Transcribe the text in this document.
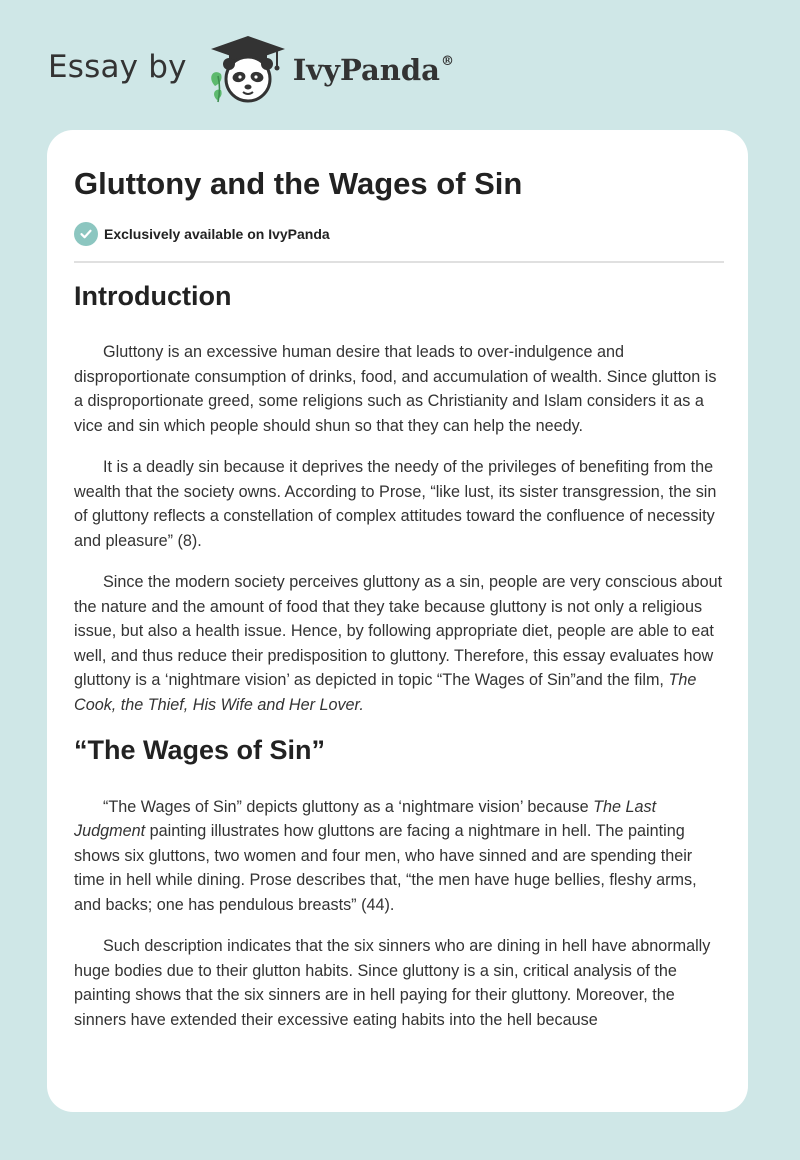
Essay by	IvyPanda®
Gluttony and the Wages of Sin
Exclusively available on IvyPanda
Introduction

Gluttony is an excessive human desire that leads to over-indulgence and disproportionate consumption of drinks, food, and accumulation of wealth. Since glutton is a disproportionate greed, some religions such as Christianity and Islam considers it as a vice and sin which people should shun so that they can help the needy.

It is a deadly sin because it deprives the needy of the privileges of benefiting from the wealth that the society owns. According to Prose, “like lust, its sister transgression, the sin of gluttony reflects a constellation of complex attitudes toward the confluence of necessity and pleasure” (8).

Since the modern society perceives gluttony as a sin, people are very conscious about the nature and the amount of food that they take because gluttony is not only a religious issue, but also a health issue. Hence, by following appropriate diet, people are able to eat well, and thus reduce their predisposition to gluttony. Therefore, this essay evaluates how gluttony is a ‘nightmare vision’ as depicted in topic “The Wages of Sin”and the film, The Cook, the Thief, His Wife and Her Lover.

“The Wages of Sin”

“The Wages of Sin” depicts gluttony as a ‘nightmare vision’ because The Last Judgment painting illustrates how gluttons are facing a nightmare in hell. The painting shows six gluttons, two women and four men, who have sinned and are spending their time in hell while dining. Prose describes that, “the men have huge bellies, fleshy arms, and backs; one has pendulous breasts” (44).

Such description indicates that the six sinners who are dining in hell have abnormally huge bodies due to their glutton habits. Since gluttony is a sin, critical analysis of the painting shows that the six sinners are in hell paying for their gluttony. Moreover, the sinners have extended their excessive eating habits into the hell because
